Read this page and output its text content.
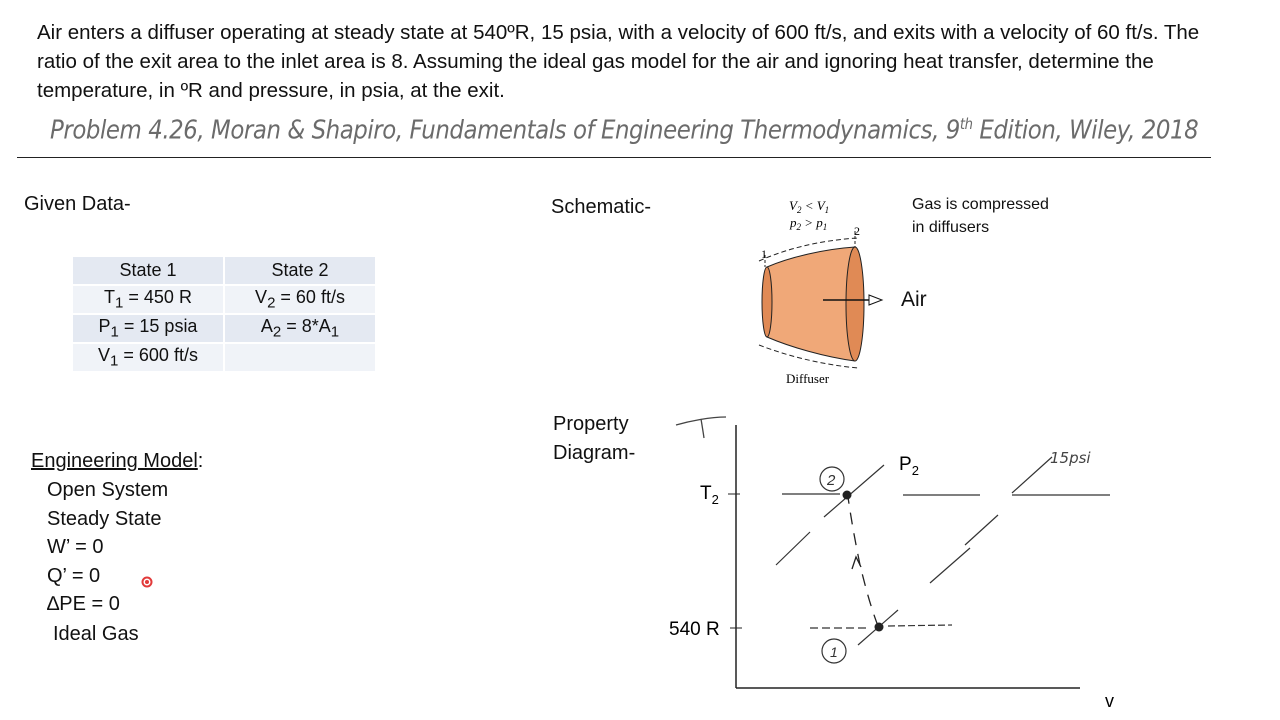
Air enters a diffuser operating at steady state at 540ºR, 15 psia, with a velocity of 600 ft/s, and exits with a velocity of 60 ft/s. The ratio of the exit area to the inlet area is 8. Assuming the ideal gas model for the air and ignoring heat transfer, determine the temperature, in ºR and pressure, in psia, at the exit.

Problem 4.26, Moran & Shapiro, Fundamentals of Engineering Thermodynamics, 9th Edition, Wiley, 2018
Given Data-
State 1	State 2
$T_1 = 450$ R	$V_2 = 60$ ft/s
$P_1 = 15$ psia	$A_2 = 8*A_1$
$V_1 = 600$ ft/s	
Engineering Model:
Open System
Steady State
W’ = 0
Q’ = 0
∆PE = 0
Ideal Gas
Schematic-	$V_2 < V_1$
$p_2 > p_1$ 2
1
Diffuser
Gas is compressed
in diffusers
Air
Property
Diagram-
v
$T_2$
540 R
2
1
$P_2$
15psi
